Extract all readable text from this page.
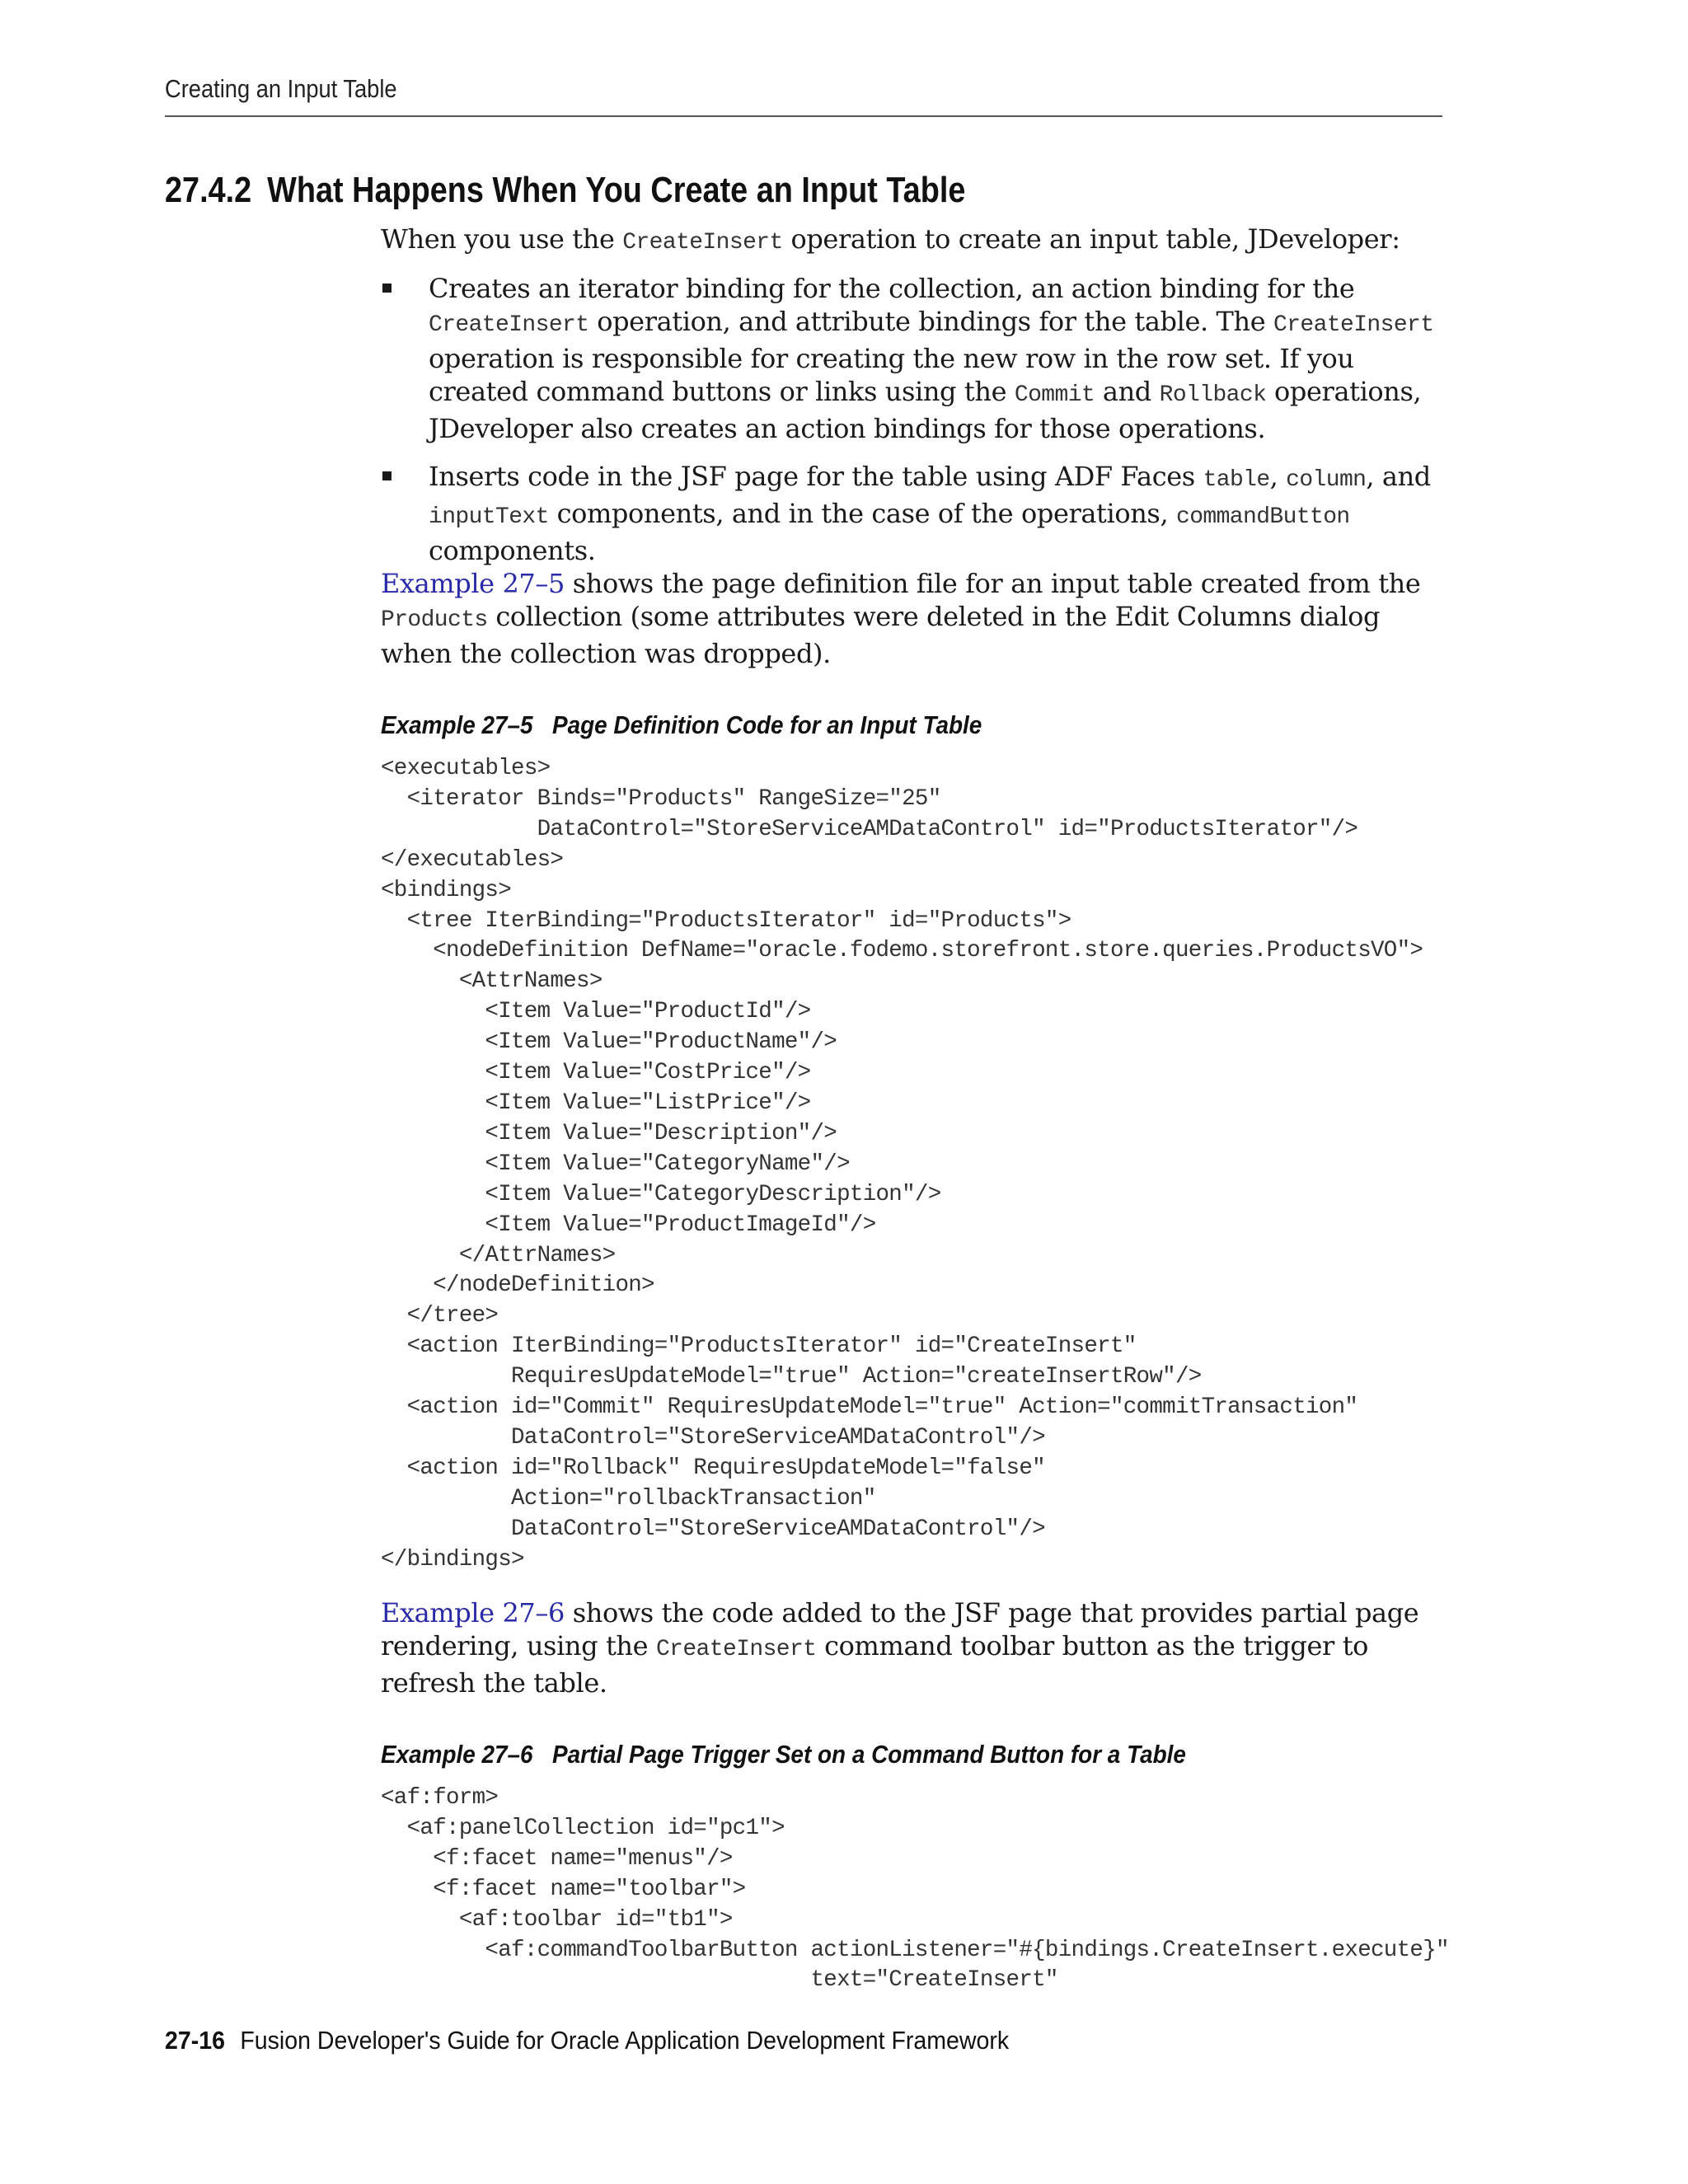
Creating an Input Table
27.4.2 What Happens When You Create an Input Table
When you use the CreateInsert operation to create an input table, JDeveloper:
Creates an iterator binding for the collection, an action binding for the CreateInsert operation, and attribute bindings for the table. The CreateInsert operation is responsible for creating the new row in the row set. If you created command buttons or links using the Commit and Rollback operations, JDeveloper also creates an action bindings for those operations.
Inserts code in the JSF page for the table using ADF Faces table, column, and inputText components, and in the case of the operations, commandButton components.
Example 27–5 shows the page definition file for an input table created from the Products collection (some attributes were deleted in the Edit Columns dialog when the collection was dropped).
Example 27–5 Page Definition Code for an Input Table
<executables>
<iterator Binds="Products" RangeSize="25"
DataControl="StoreServiceAMDataControl" id="ProductsIterator"/>
</executables>
<bindings>
<tree IterBinding="ProductsIterator" id="Products">
<nodeDefinition DefName="oracle.fodemo.storefront.store.queries.ProductsVO">
<AttrNames>
<Item Value="ProductId"/>
<Item Value="ProductName"/>
<Item Value="CostPrice"/>
<Item Value="ListPrice"/>
<Item Value="Description"/>
<Item Value="CategoryName"/>
<Item Value="CategoryDescription"/>
<Item Value="ProductImageId"/>
</AttrNames>
</nodeDefinition>
</tree>
<action IterBinding="ProductsIterator" id="CreateInsert"
RequiresUpdateModel="true" Action="createInsertRow"/>
<action id="Commit" RequiresUpdateModel="true" Action="commitTransaction"
DataControl="StoreServiceAMDataControl"/>
<action id="Rollback" RequiresUpdateModel="false"
Action="rollbackTransaction"
DataControl="StoreServiceAMDataControl"/>
</bindings>
Example 27–6 shows the code added to the JSF page that provides partial page rendering, using the CreateInsert command toolbar button as the trigger to refresh the table.
Example 27–6 Partial Page Trigger Set on a Command Button for a Table
<af:form>
<af:panelCollection id="pc1">
<f:facet name="menus"/>
<f:facet name="toolbar">
<af:toolbar id="tb1">
<af:commandToolbarButton actionListener="#{bindings.CreateInsert.execute}"
text="CreateInsert"
27-16 Fusion Developer's Guide for Oracle Application Development Framework
